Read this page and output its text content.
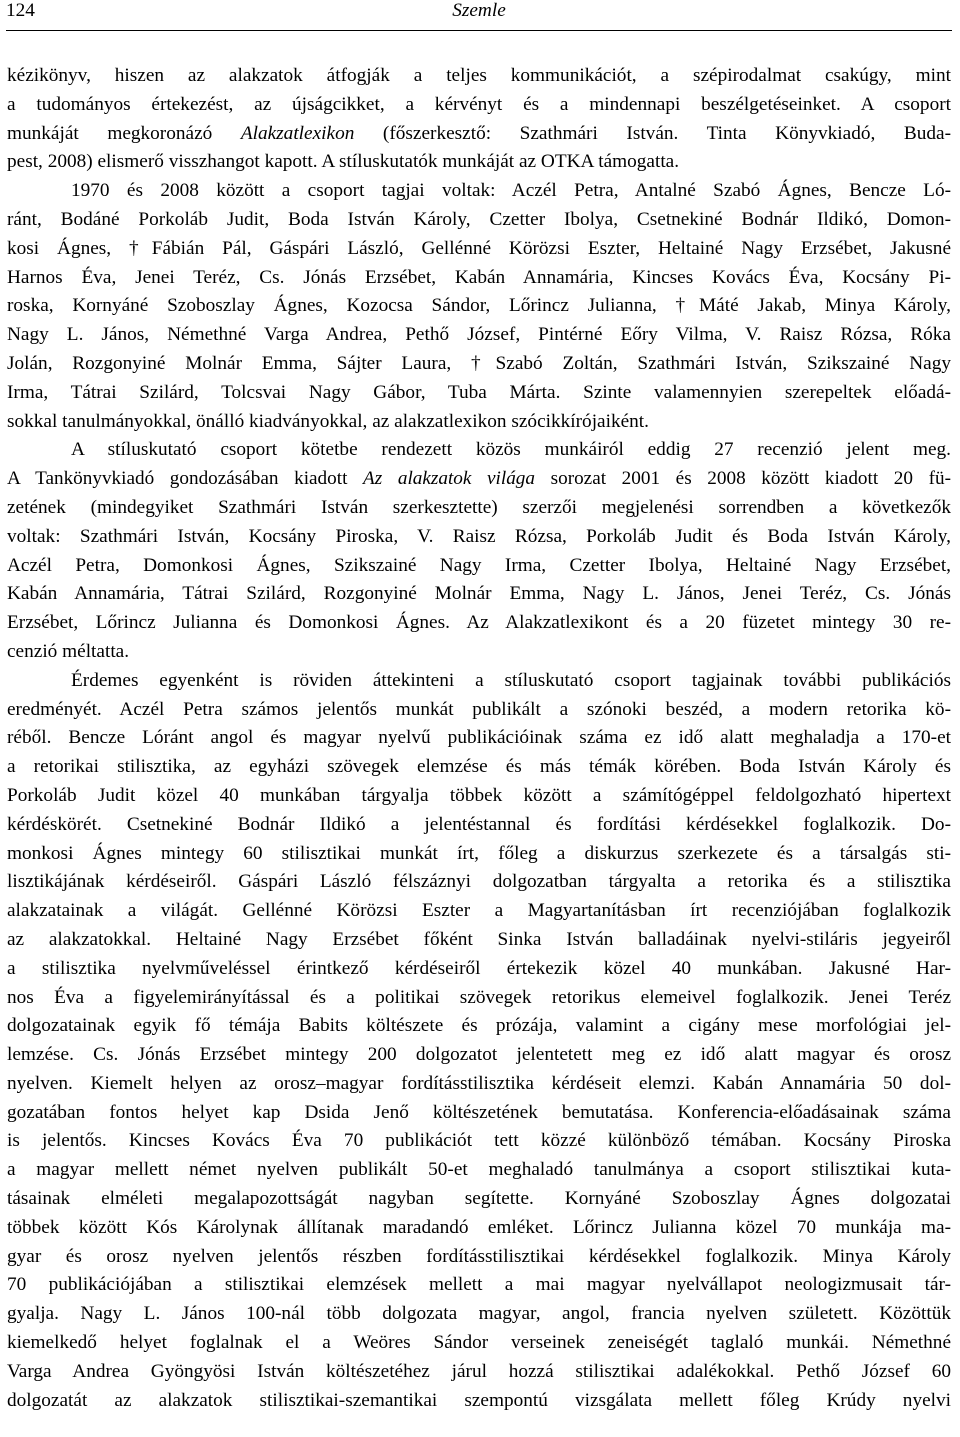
124	Szemle
kézikönyv, hiszen az alakzatok átfogják a teljes kommunikációt, a szépirodalmat csakúgy, mint
a tudományos értekezést, az újságcikket, a kérvényt és a mindennapi beszélgetéseinket. A csoport
munkáját megkoronázó Alakzatlexikon (főszerkesztő: Szathmári István. Tinta Könyvkiadó, Buda-
pest, 2008) elismerő visszhangot kapott. A stíluskutatók munkáját az OTKA támogatta.
1970 és 2008 között a csoport tagjai voltak: Aczél Petra, Antalné Szabó Ágnes, Bencze Ló-
ránt, Bodáné Porkoláb Judit, Boda István Károly, Czetter Ibolya, Csetnekiné Bodnár Ildikó, Domon-
kosi Ágnes, †Fábián Pál, Gáspári László, Gellénné Körözsi Eszter, Heltainé Nagy Erzsébet, Jakusné
Harnos Éva, Jenei Teréz, Cs. Jónás Erzsébet, Kabán Annamária, Kincses Kovács Éva, Kocsány Pi-
roska, Kornyáné Szoboszlay Ágnes, Kozocsa Sándor, Lőrincz Julianna, †Máté Jakab, Minya Károly,
Nagy L. János, Némethné Varga Andrea, Pethő József, Pintérné Eőry Vilma, V. Raisz Rózsa, Róka
Jolán, Rozgonyiné Molnár Emma, Sájter Laura, †Szabó Zoltán, Szathmári István, Szikszainé Nagy
Irma, Tátrai Szilárd, Tolcsvai Nagy Gábor, Tuba Márta. Szinte valamennyien szerepeltek előadá-
sokkal tanulmányokkal, önálló kiadványokkal, az alakzatlexikon szócikkírójaiként.
A stíluskutató csoport kötetbe rendezett közös munkáiról eddig 27 recenzió jelent meg.
A Tankönyvkiadó gondozásában kiadott Az alakzatok világa sorozat 2001 és 2008 között kiadott 20 fü-
zetének (mindegyiket Szathmári István szerkesztette) szerzői megjelenési sorrendben a következők
voltak: Szathmári István, Kocsány Piroska, V. Raisz Rózsa, Porkoláb Judit és Boda István Károly,
Aczél Petra, Domonkosi Ágnes, Szikszainé Nagy Irma, Czetter Ibolya, Heltainé Nagy Erzsébet,
Kabán Annamária, Tátrai Szilárd, Rozgonyiné Molnár Emma, Nagy L. János, Jenei Teréz, Cs. Jónás
Erzsébet, Lőrincz Julianna és Domonkosi Ágnes. Az Alakzatlexikont és a 20 füzetet mintegy 30 re-
cenzió méltatta.
Érdemes egyenként is röviden áttekinteni a stíluskutató csoport tagjainak további publikációs
eredményét. Aczél Petra számos jelentős munkát publikált a szónoki beszéd, a modern retorika kö-
réből. Bencze Lóránt angol és magyar nyelvű publikációinak száma ez idő alatt meghaladja a 170-et
a retorikai stilisztika, az egyházi szövegek elemzése és más témák körében. Boda István Károly és
Porkoláb Judit közel 40 munkában tárgyalja többek között a számítógéppel feldolgozható hipertext
kérdéskörét. Csetnekiné Bodnár Ildikó a jelentéstannal és fordítási kérdésekkel foglalkozik. Do-
monkosi Ágnes mintegy 60 stilisztikai munkát írt, főleg a diskurzus szerkezete és a társalgás sti-
lisztikájának kérdéseiről. Gáspári László félszáznyi dolgozatban tárgyalta a retorika és a stilisztika
alakzatainak a világát. Gellénné Körözsi Eszter a Magyartanításban írt recenziójában foglalkozik
az alakzatokkal. Heltainé Nagy Erzsébet főként Sinka István balladáinak nyelvi-stiláris jegyeiről
a stilisztika nyelvműveléssel érintkező kérdéseiről értekezik közel 40 munkában. Jakusné Har-
nos Éva a figyelemirányítással és a politikai szövegek retorikus elemeivel foglalkozik. Jenei Teréz
dolgozatainak egyik fő témája Babits költészete és prózája, valamint a cigány mese morfológiai jel-
lemzése. Cs. Jónás Erzsébet mintegy 200 dolgozatot jelentetett meg ez idő alatt magyar és orosz
nyelven. Kiemelt helyen az orosz–magyar fordításstilisztika kérdéseit elemzi. Kabán Annamária 50 dol-
gozatában fontos helyet kap Dsida Jenő költészetének bemutatása. Konferencia-előadásainak száma
is jelentős. Kincses Kovács Éva 70 publikációt tett közzé különböző témában. Kocsány Piroska
a magyar mellett német nyelven publikált 50-et meghaladó tanulmánya a csoport stilisztikai kuta-
tásainak elméleti megalapozottságát nagyban segítette. Kornyáné Szoboszlay Ágnes dolgozatai
többek között Kós Károlynak állítanak maradandó emléket. Lőrincz Julianna közel 70 munkája ma-
gyar és orosz nyelven jelentős részben fordításstilisztikai kérdésekkel foglalkozik. Minya Károly
70 publikációjában a stilisztikai elemzések mellett a mai magyar nyelvállapot neologizmusait tár-
gyalja. Nagy L. János 100-nál több dolgozata magyar, angol, francia nyelven született. Közöttük
kiemelkedő helyet foglalnak el a Weöres Sándor verseinek zeneiségét taglaló munkái. Némethné
Varga Andrea Gyöngyösi István költészetéhez járul hozzá stilisztikai adalékokkal. Pethő József 60
dolgozatát az alakzatok stilisztikai-szemantikai szempontú vizsgálata mellett főleg Krúdy nyelvi
